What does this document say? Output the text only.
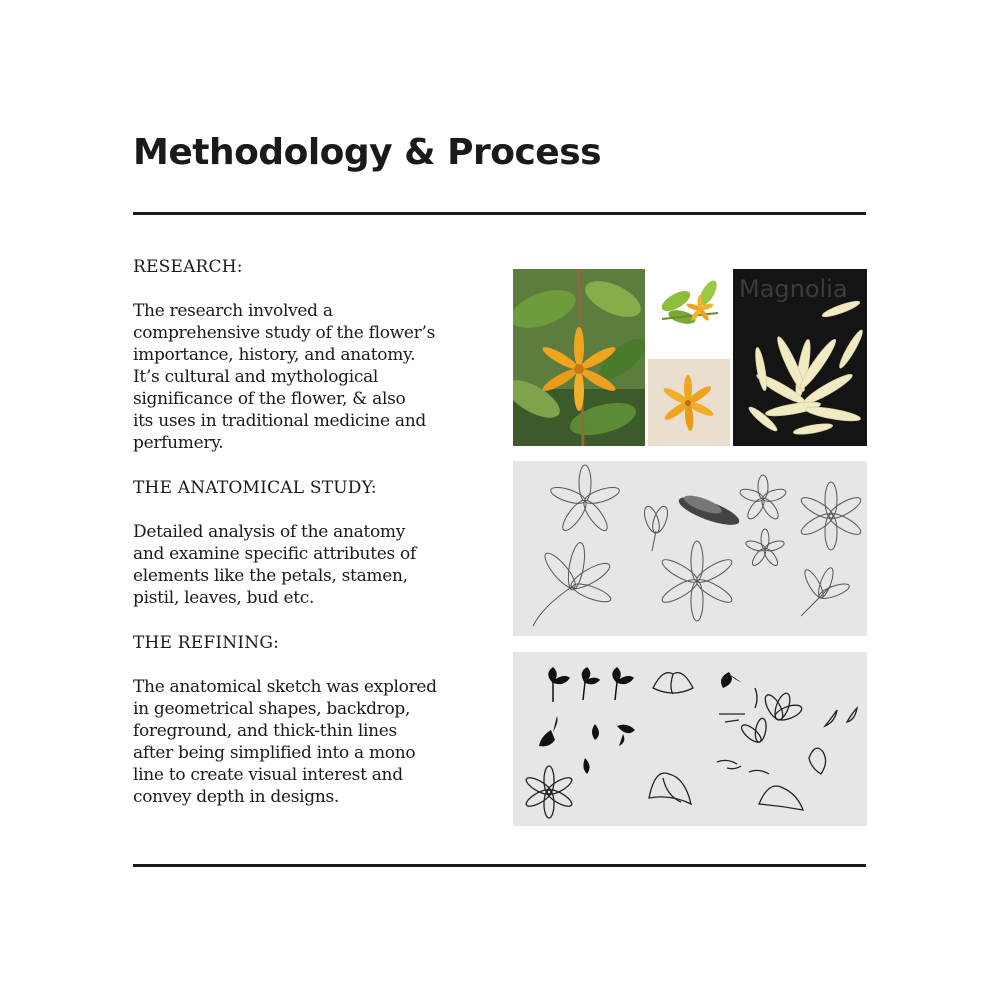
Methodology & Process
RESEARCH:

The research involved a
comprehensive study of the flower’s
importance, history, and anatomy.
It’s cultural and mythological
significance of the flower, & also
its uses in traditional medicine and
perfumery.

THE ANATOMICAL STUDY:

Detailed analysis of the anatomy
and examine specific attributes of
elements like the petals, stamen,
pistil, leaves, bud etc.

THE REFINING:

The anatomical sketch was explored
in geometrical shapes, backdrop,
foreground, and thick-thin lines
after being simplified into a mono
line to create visual interest and
convey depth in designs.

Magnolia
